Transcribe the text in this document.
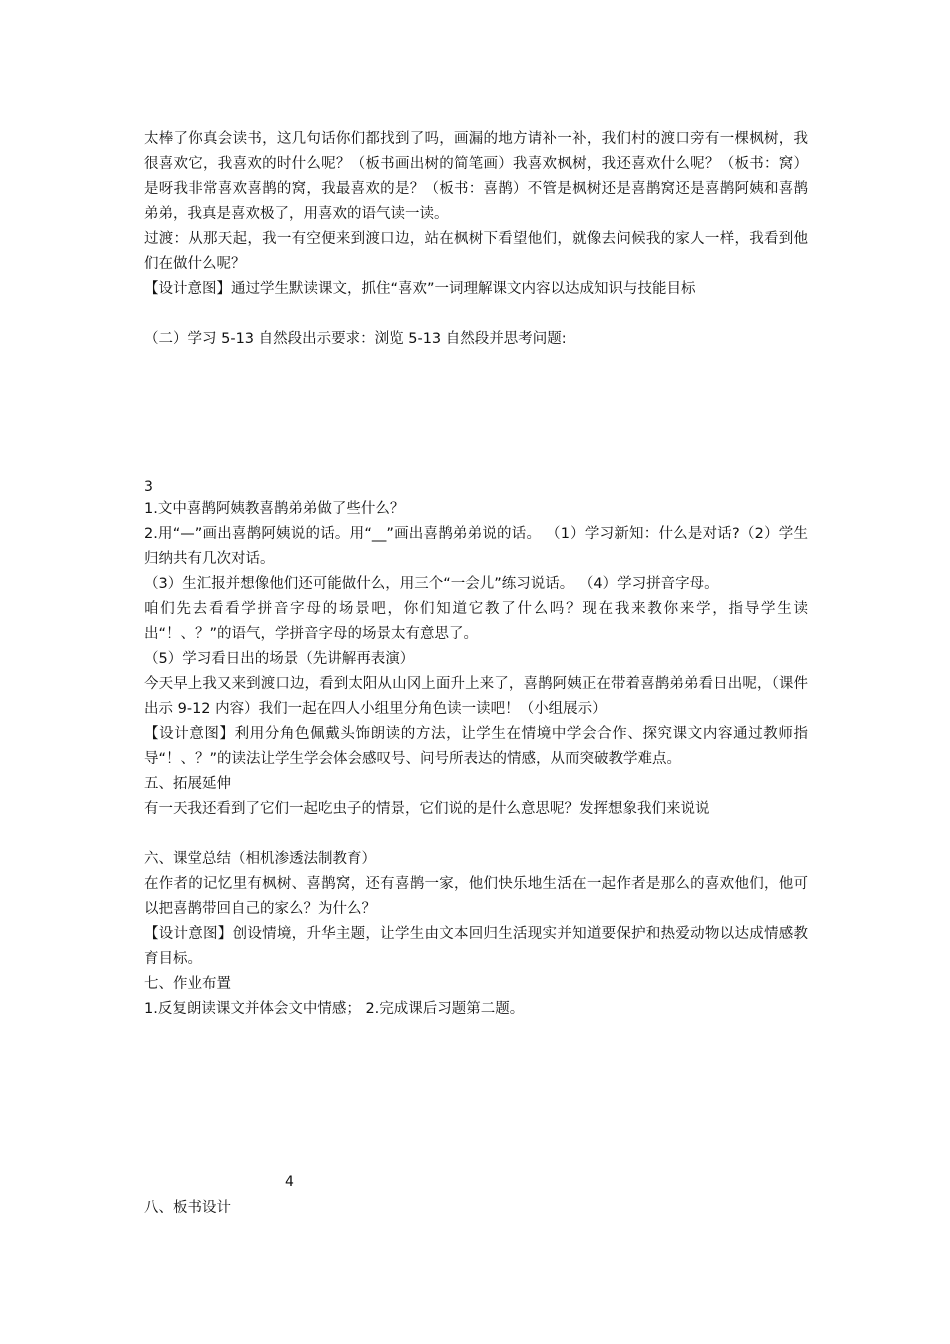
太棒了你真会读书，这几句话你们都找到了吗，画漏的地方请补一补，我们村的渡口旁有一棵枫树，我很喜欢它，我喜欢的时什么呢？（板书画出树的简笔画）我喜欢枫树，我还喜欢什么呢？（板书：窝）是呀我非常喜欢喜鹊的窝，我最喜欢的是？（板书：喜鹊）不管是枫树还是喜鹊窝还是喜鹊阿姨和喜鹊弟弟，我真是喜欢极了，用喜欢的语气读一读。

过渡：从那天起，我一有空便来到渡口边，站在枫树下看望他们，就像去问候我的家人一样，我看到他们在做什么呢？

【设计意图】通过学生默读课文，抓住“喜欢”一词理解课文内容以达成知识与技能目标

（二）学习 5-13 自然段出示要求：浏览 5-13 自然段并思考问题:

3

1.文中喜鹊阿姨教喜鹊弟弟做了些什么？

2.用“—”画出喜鹊阿姨说的话。用“__”画出喜鹊弟弟说的话。 （1）学习新知：什么是对话?（2）学生归纳共有几次对话。

（3）生汇报并想像他们还可能做什么，用三个“一会儿”练习说话。 （4）学习拼音字母。

咱们先去看看学拼音字母的场景吧，你们知道它教了什么吗？现在我来教你来学，指导学生读出“！、？”的语气，学拼音字母的场景太有意思了。

（5）学习看日出的场景（先讲解再表演）

今天早上我又来到渡口边，看到太阳从山冈上面升上来了，喜鹊阿姨正在带着喜鹊弟弟看日出呢，（课件出示 9-12 内容）我们一起在四人小组里分角色读一读吧！（小组展示）

【设计意图】利用分角色佩戴头饰朗读的方法，让学生在情境中学会合作、探究课文内容通过教师指导“！、？”的读法让学生学会体会感叹号、问号所表达的情感，从而突破教学难点。

五、拓展延伸

有一天我还看到了它们一起吃虫子的情景，它们说的是什么意思呢？发挥想象我们来说说

六、课堂总结（相机渗透法制教育）

在作者的记忆里有枫树、喜鹊窝，还有喜鹊一家，他们快乐地生活在一起作者是那么的喜欢他们，他可以把喜鹊带回自己的家么？为什么？

【设计意图】创设情境，升华主题，让学生由文本回归生活现实并知道要保护和热爱动物以达成情感教育目标。

七、作业布置

1.反复朗读课文并体会文中情感； 2.完成课后习题第二题。

4

八、板书设计
